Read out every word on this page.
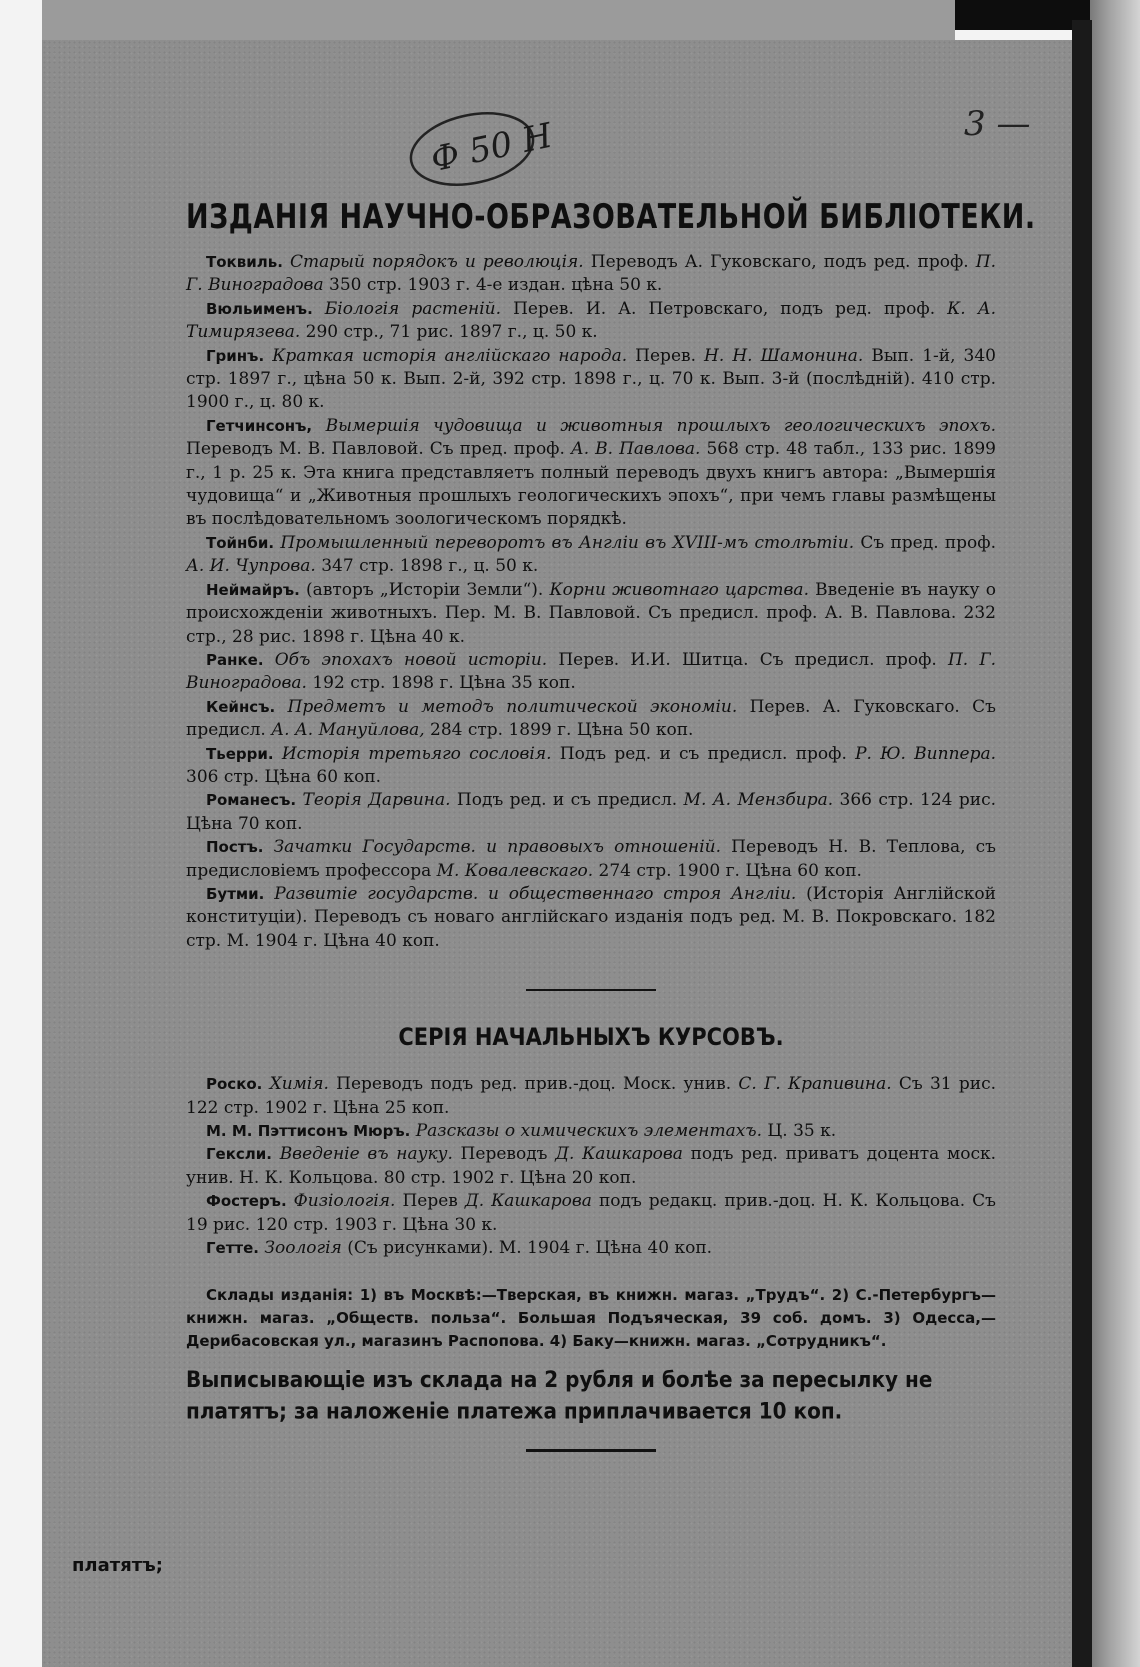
Ф 50 Н	3 —
ИЗДАНІЯ НАУЧНО-ОБРАЗОВАТЕЛЬНОЙ БИБЛІОТЕКИ.

Токвиль. Старый порядокъ и революція. Переводъ А. Гуковскаго, подъ ред. проф. П. Г. Виноградова 350 стр. 1903 г. 4-е издан. цѣна 50 к.

Вюльименъ. Біологія растеній. Перев. И. А. Петровскаго, подъ ред. проф. К. А. Тимирязева. 290 стр., 71 рис. 1897 г., ц. 50 к.

Гринъ. Краткая исторія англійскаго народа. Перев. Н. Н. Шамонина. Вып. 1-й, 340 стр. 1897 г., цѣна 50 к. Вып. 2-й, 392 стр. 1898 г., ц. 70 к. Вып. 3-й (послѣдній). 410 стр. 1900 г., ц. 80 к.

Гетчинсонъ, Вымершія чудовища и животныя прошлыхъ геологическихъ эпохъ. Переводъ М. В. Павловой. Съ пред. проф. А. В. Павлова. 568 стр. 48 табл., 133 рис. 1899 г., 1 р. 25 к. Эта книга представляетъ полный переводъ двухъ книгъ автора: „Вымершія чудовища“ и „Животныя прошлыхъ геологическихъ эпохъ“, при чемъ главы размѣщены въ послѣдовательномъ зоологическомъ порядкѣ.

Тойнби. Промышленный переворотъ въ Англіи въ XVIII-мъ столѣтіи. Съ пред. проф. А. И. Чупрова. 347 стр. 1898 г., ц. 50 к.

Неймайръ. (авторъ „Исторіи Земли“). Корни животнаго царства. Введеніе въ науку о происхожденіи животныхъ. Пер. М. В. Павловой. Съ предисл. проф. А. В. Павлова. 232 стр., 28 рис. 1898 г. Цѣна 40 к.

Ранке. Объ эпохахъ новой исторіи. Перев. И.И. Шитца. Съ предисл. проф. П. Г. Виноградова. 192 стр. 1898 г. Цѣна 35 коп.

Кейнсъ. Предметъ и методъ политической экономіи. Перев. А. Гуковскаго. Съ предисл. А. А. Мануйлова, 284 стр. 1899 г. Цѣна 50 коп.

Тьерри. Исторія третьяго сословія. Подъ ред. и съ предисл. проф. Р. Ю. Виппера. 306 стр. Цѣна 60 коп.

Романесъ. Теорія Дарвина. Подъ ред. и съ предисл. М. А. Мензбира. 366 стр. 124 рис. Цѣна 70 коп.

Постъ. Зачатки Государств. и правовыхъ отношеній. Переводъ Н. В. Теплова, съ предисловіемъ профессора М. Ковалевскаго. 274 стр. 1900 г. Цѣна 60 коп.

Бутми. Развитіе государств. и общественнаго строя Англіи. (Исторія Англійской конституціи). Переводъ съ новаго англійскаго изданія подъ ред. М. В. Покровскаго. 182 стр. М. 1904 г. Цѣна 40 коп.

СЕРІЯ НАЧАЛЬНЫХЪ КУРСОВЪ.

Роско. Химія. Переводъ подъ ред. прив.-доц. Моск. унив. С. Г. Крапивина. Съ 31 рис. 122 стр. 1902 г. Цѣна 25 коп.

М. М. Пэттисонъ Мюръ. Разсказы о химическихъ элементахъ. Ц. 35 к.

Гексли. Введеніе въ науку. Переводъ Д. Кашкарова подъ ред. приватъ доцента моск. унив. Н. К. Кольцова. 80 стр. 1902 г. Цѣна 20 коп.

Фостеръ. Физіологія. Перев Д. Кашкарова подъ редакц. прив.-доц. Н. К. Кольцова. Съ 19 рис. 120 стр. 1903 г. Цѣна 30 к.

Гетте. Зоологія (Съ рисунками). М. 1904 г. Цѣна 40 коп.

Склады изданія: 1) въ Москвѣ:—Тверская, въ книжн. магаз. „Трудъ“. 2) С.-Петербургъ—книжн. магаз. „Обществ. польза“. Большая Подъяческая, 39 соб. домъ. 3) Одесса,—Дерибасовская ул., магазинъ Распопова. 4) Баку—книжн. магаз. „Сотрудникъ“.

Выписывающіе изъ склада на 2 рубля и болѣе за пересылку не платятъ; за наложеніе платежа приплачивается 10 коп.

платятъ;
